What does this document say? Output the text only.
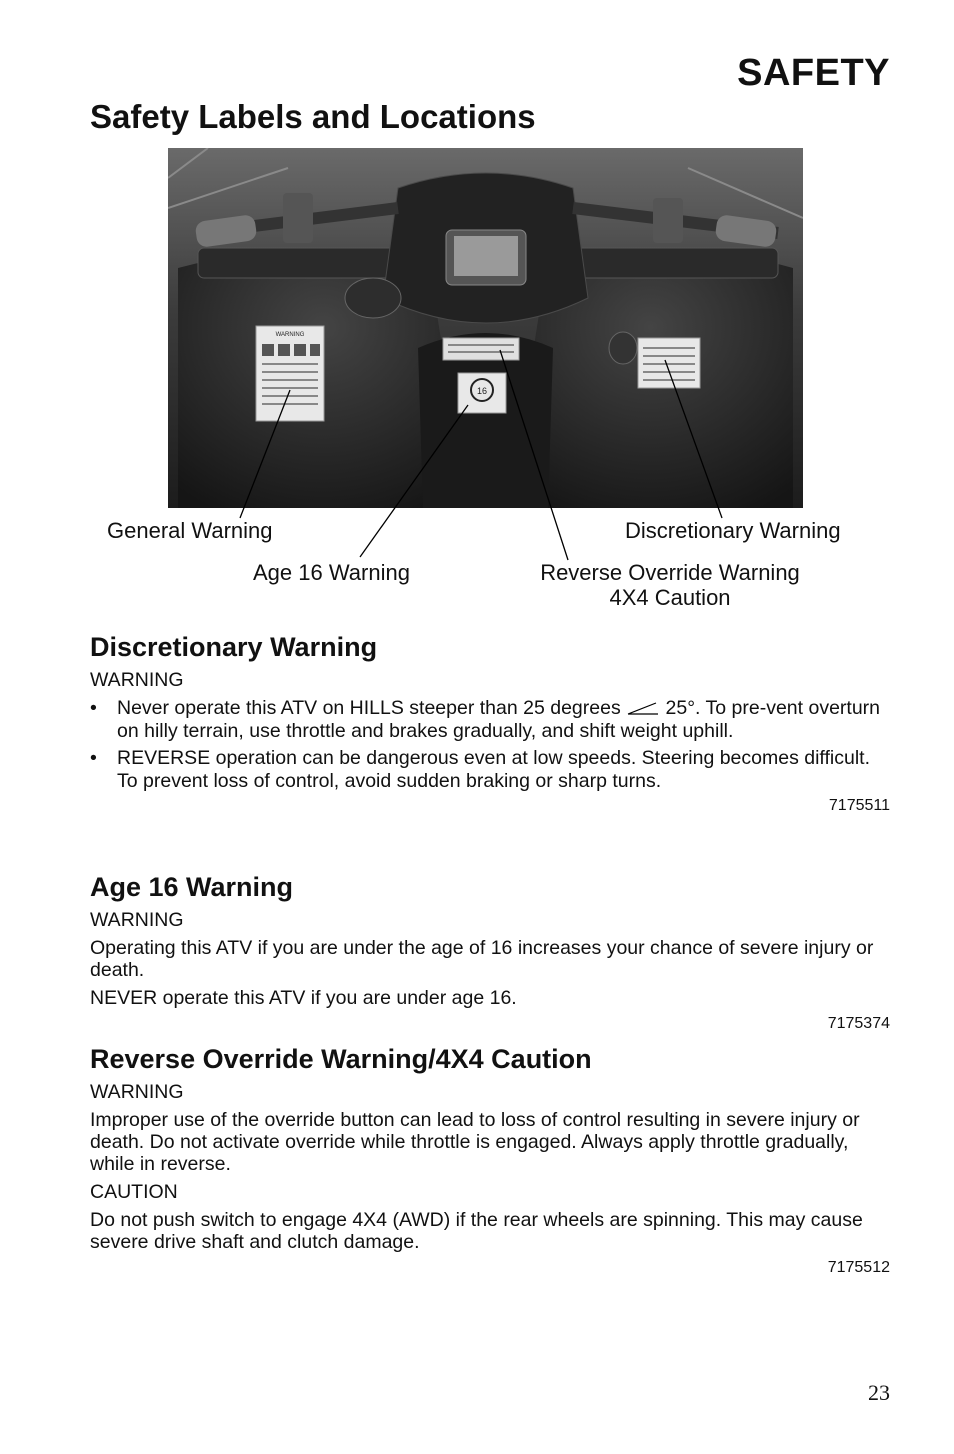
SAFETY
Safety Labels and Locations
WARNING
16
General Warning	Discretionary Warning
Age 16 Warning	Reverse Override Warning
4X4 Caution
Discretionary Warning
WARNING
• Never operate this ATV on HILLS steeper than 25 degrees 25°. To pre-vent overturn on hilly terrain, use throttle and brakes gradually, and shift weight uphill.
• REVERSE operation can be dangerous even at low speeds. Steering becomes difficult. To prevent loss of control, avoid sudden braking or sharp turns.
7175511
Age 16 Warning
WARNING
Operating this ATV if you are under the age of 16 increases your chance of severe injury or death.
NEVER operate this ATV if you are under age 16.
7175374
Reverse Override Warning/4X4 Caution
WARNING
Improper use of the override button can lead to loss of control resulting in severe injury or death. Do not activate override while throttle is engaged. Always apply throttle gradually, while in reverse.
CAUTION
Do not push switch to engage 4X4 (AWD) if the rear wheels are spinning. This may cause severe drive shaft and clutch damage.
7175512
23
